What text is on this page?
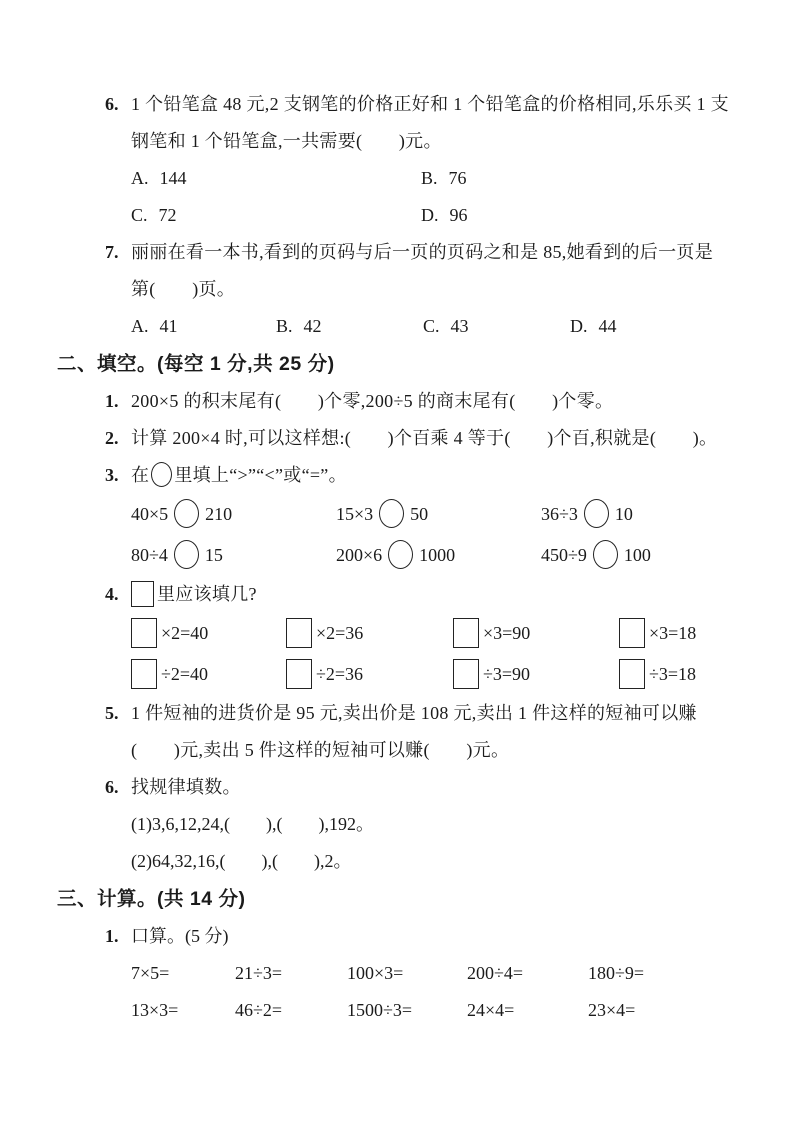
6. 1 个铅笔盒 48 元,2 支钢笔的价格正好和 1 个铅笔盒的价格相同,乐乐买 1 支钢笔和 1 个铅笔盒,一共需要(　　)元。
A. 144	B. 76
C. 72	D. 96
7. 丽丽在看一本书,看到的页码与后一页的页码之和是 85,她看到的后一页是第(　　)页。
A. 41	B. 42	C. 43	D. 44
二、填空。(每空 1 分,共 25 分)
1. 200×5 的积末尾有(　　)个零,200÷5 的商末尾有(　　)个零。
2. 计算 200×4 时,可以这样想:(　　)个百乘 4 等于(　　)个百,积就是(　　)。
3. 在 里填上“>”“<”或“=”。
40×5 210	15×3 50	36÷3 10
80÷4 15	200×6 1000	450÷9 100
4.	里应该填几?
×2=40	×2=36	×3=90	×3=18
÷2=40	÷2=36	÷3=90	÷3=18
5. 1 件短袖的进货价是 95 元,卖出价是 108 元,卖出 1 件这样的短袖可以赚(　　)元,卖出 5 件这样的短袖可以赚(　　)元。
6. 找规律填数。
(1)3,6,12,24,(　　),(　　),192。
(2)64,32,16,(　　),(　　),2。
三、计算。(共 14 分)
1. 口算。(5 分)
7×5=	21÷3=	100×3=	200÷4=	180÷9=
13×3=	46÷2=	1500÷3=	24×4=	23×4=
